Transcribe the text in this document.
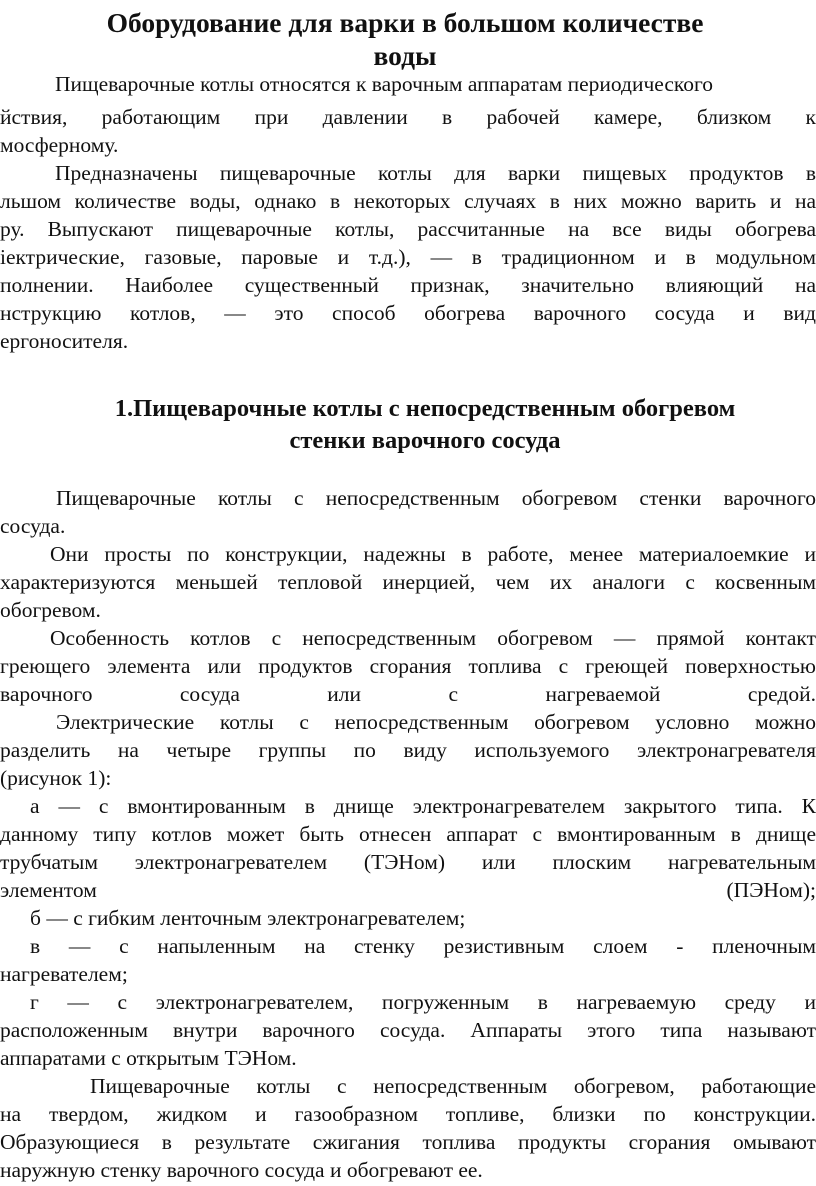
Оборудование для варки в большом количестве
воды
Пищеварочные котлы относятся к варочным аппаратам периодического
йствия, работающим при давлении в рабочей камере, близком к
мосферному.
Предназначены пищеварочные котлы для варки пищевых продуктов в
льшом количестве воды, однако в некоторых случаях в них можно варить и на
ру. Выпускают пищеварочные котлы, рассчитанные на все виды обогрева
іектрические, газовые, паровые и т.д.), — в традиционном и в модульном
полнении. Наиболее существенный признак, значительно влияющий на
нструкцию котлов, — это способ обогрева варочного сосуда и вид
ергоносителя.
1.Пищеварочные котлы с непосредственным обогревом
стенки варочного сосуда
Пищеварочные котлы с непосредственным обогревом стенки варочного
сосуда.
Они просты по конструкции, надежны в работе, менее материалоемкие и
характеризуются меньшей тепловой инерцией, чем их аналоги с косвенным
обогревом.
Особенность котлов с непосредственным обогревом — прямой контакт
греющего элемента или продуктов сгорания топлива с греющей поверхностью
варочного сосуда или с нагреваемой средой.
Электрические котлы с непосредственным обогревом условно можно
разделить на четыре группы по виду используемого электронагревателя
(рисунок 1):
а — с вмонтированным в днище электронагревателем закрытого типа. К
данному типу котлов может быть отнесен аппарат с вмонтированным в днище
трубчатым электронагревателем (ТЭНом) или плоским нагревательным
элементом (ПЭНом);
б — с гибким ленточным электронагревателем;
в — с напыленным на стенку резистивным слоем - пленочным
нагревателем;
г — с электронагревателем, погруженным в нагреваемую среду и
расположенным внутри варочного сосуда. Аппараты этого типа называют
аппаратами с открытым ТЭНом.
Пищеварочные котлы с непосредственным обогревом, работающие
на твердом, жидком и газообразном топливе, близки по конструкции.
Образующиеся в результате сжигания топлива продукты сгорания омывают
наружную стенку варочного сосуда и обогревают ее.
